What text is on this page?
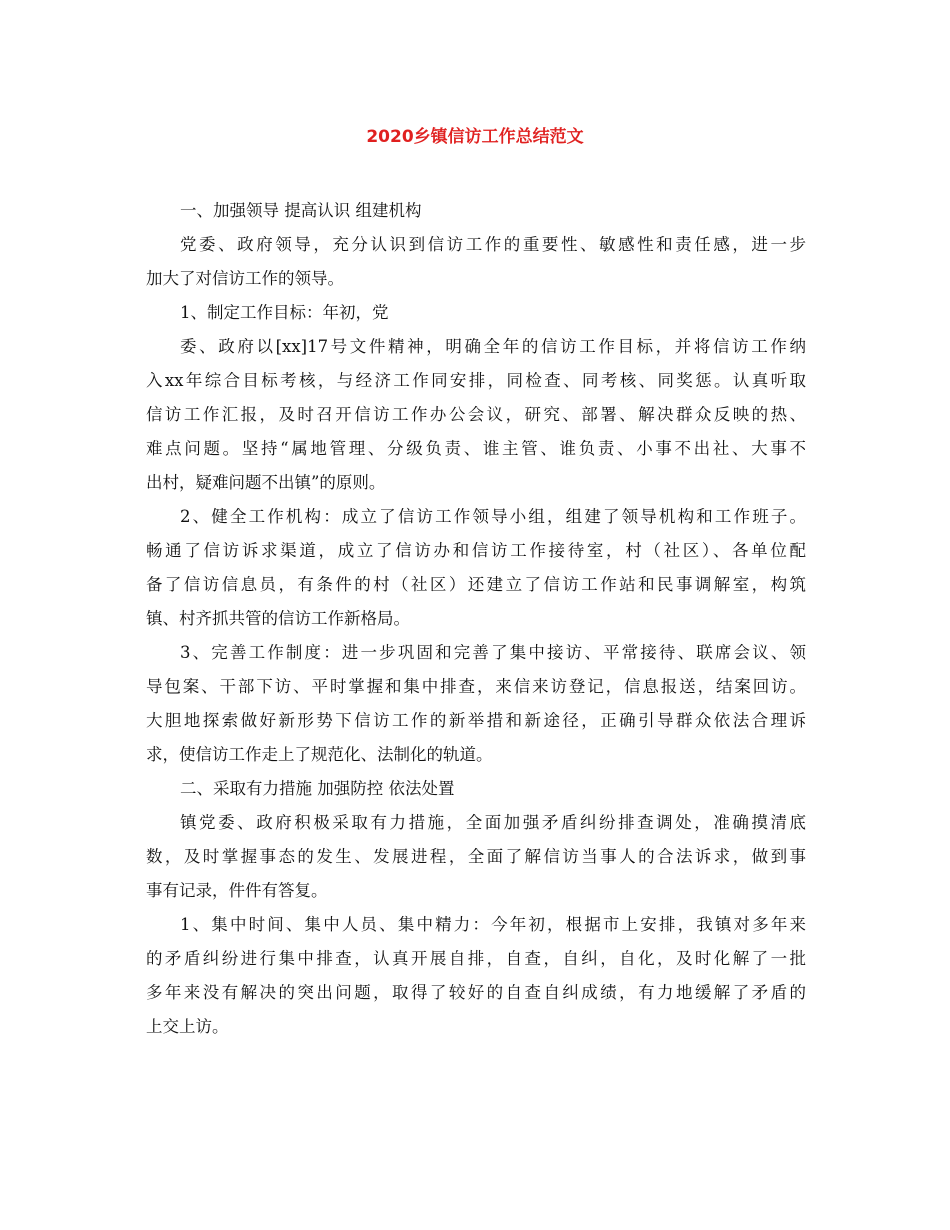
2020乡镇信访工作总结范文
一、加强领导 提高认识 组建机构
党委、政府领导，充分认识到信访工作的重要性、敏感性和责任感，进一步
加大了对信访工作的领导。
1、制定工作目标：年初，党
委、政府以[xx]17号文件精神，明确全年的信访工作目标，并将信访工作纳
入xx年综合目标考核，与经济工作同安排，同检查、同考核、同奖惩。认真听取
信访工作汇报，及时召开信访工作办公会议，研究、部署、解决群众反映的热、
难点问题。坚持“属地管理、分级负责、谁主管、谁负责、小事不出社、大事不
出村，疑难问题不出镇”的原则。
2、健全工作机构：成立了信访工作领导小组，组建了领导机构和工作班子。
畅通了信访诉求渠道，成立了信访办和信访工作接待室，村（社区）、各单位配
备了信访信息员，有条件的村（社区）还建立了信访工作站和民事调解室，构筑
镇、村齐抓共管的信访工作新格局。
3、完善工作制度：进一步巩固和完善了集中接访、平常接待、联席会议、领
导包案、干部下访、平时掌握和集中排查，来信来访登记，信息报送，结案回访。
大胆地探索做好新形势下信访工作的新举措和新途径，正确引导群众依法合理诉
求，使信访工作走上了规范化、法制化的轨道。
二、采取有力措施 加强防控 依法处置
镇党委、政府积极采取有力措施，全面加强矛盾纠纷排查调处，准确摸清底
数，及时掌握事态的发生、发展进程，全面了解信访当事人的合法诉求，做到事
事有记录，件件有答复。
1、集中时间、集中人员、集中精力：今年初，根据市上安排，我镇对多年来
的矛盾纠纷进行集中排查，认真开展自排，自查，自纠，自化，及时化解了一批
多年来没有解决的突出问题，取得了较好的自查自纠成绩，有力地缓解了矛盾的
上交上访。
